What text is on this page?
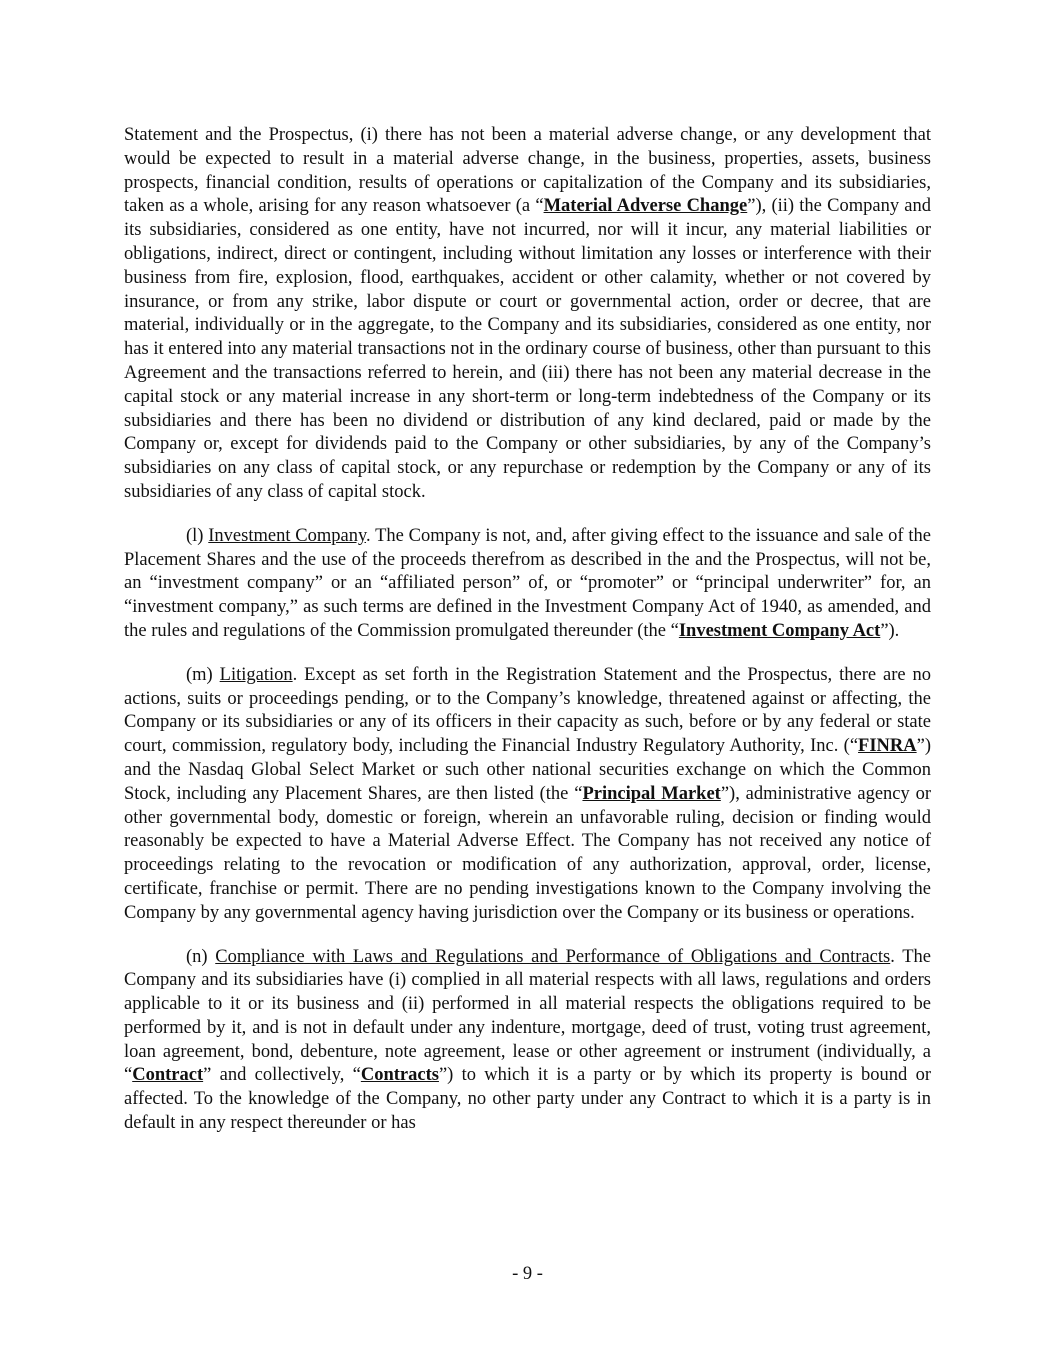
Statement and the Prospectus, (i) there has not been a material adverse change, or any development that would be expected to result in a material adverse change, in the business, properties, assets, business prospects, financial condition, results of operations or capitalization of the Company and its subsidiaries, taken as a whole, arising for any reason whatsoever (a “Material Adverse Change”), (ii) the Company and its subsidiaries, considered as one entity, have not incurred, nor will it incur, any material liabilities or obligations, indirect, direct or contingent, including without limitation any losses or interference with their business from fire, explosion, flood, earthquakes, accident or other calamity, whether or not covered by insurance, or from any strike, labor dispute or court or governmental action, order or decree, that are material, individually or in the aggregate, to the Company and its subsidiaries, considered as one entity, nor has it entered into any material transactions not in the ordinary course of business, other than pursuant to this Agreement and the transactions referred to herein, and (iii) there has not been any material decrease in the capital stock or any material increase in any short-term or long-term indebtedness of the Company or its subsidiaries and there has been no dividend or distribution of any kind declared, paid or made by the Company or, except for dividends paid to the Company or other subsidiaries, by any of the Company’s subsidiaries on any class of capital stock, or any repurchase or redemption by the Company or any of its subsidiaries of any class of capital stock.

(l) Investment Company. The Company is not, and, after giving effect to the issuance and sale of the Placement Shares and the use of the proceeds therefrom as described in the and the Prospectus, will not be, an “investment company” or an “affiliated person” of, or “promoter” or “principal underwriter” for, an “investment company,” as such terms are defined in the Investment Company Act of 1940, as amended, and the rules and regulations of the Commission promulgated thereunder (the “Investment Company Act”).

(m) Litigation. Except as set forth in the Registration Statement and the Prospectus, there are no actions, suits or proceedings pending, or to the Company’s knowledge, threatened against or affecting, the Company or its subsidiaries or any of its officers in their capacity as such, before or by any federal or state court, commission, regulatory body, including the Financial Industry Regulatory Authority, Inc. (“FINRA”) and the Nasdaq Global Select Market or such other national securities exchange on which the Common Stock, including any Placement Shares, are then listed (the “Principal Market”), administrative agency or other governmental body, domestic or foreign, wherein an unfavorable ruling, decision or finding would reasonably be expected to have a Material Adverse Effect. The Company has not received any notice of proceedings relating to the revocation or modification of any authorization, approval, order, license, certificate, franchise or permit. There are no pending investigations known to the Company involving the Company by any governmental agency having jurisdiction over the Company or its business or operations.

(n) Compliance with Laws and Regulations and Performance of Obligations and Contracts. The Company and its subsidiaries have (i) complied in all material respects with all laws, regulations and orders applicable to it or its business and (ii) performed in all material respects the obligations required to be performed by it, and is not in default under any indenture, mortgage, deed of trust, voting trust agreement, loan agreement, bond, debenture, note agreement, lease or other agreement or instrument (individually, a “Contract” and collectively, “Contracts”) to which it is a party or by which its property is bound or affected. To the knowledge of the Company, no other party under any Contract to which it is a party is in default in any respect thereunder or has

- 9 -
